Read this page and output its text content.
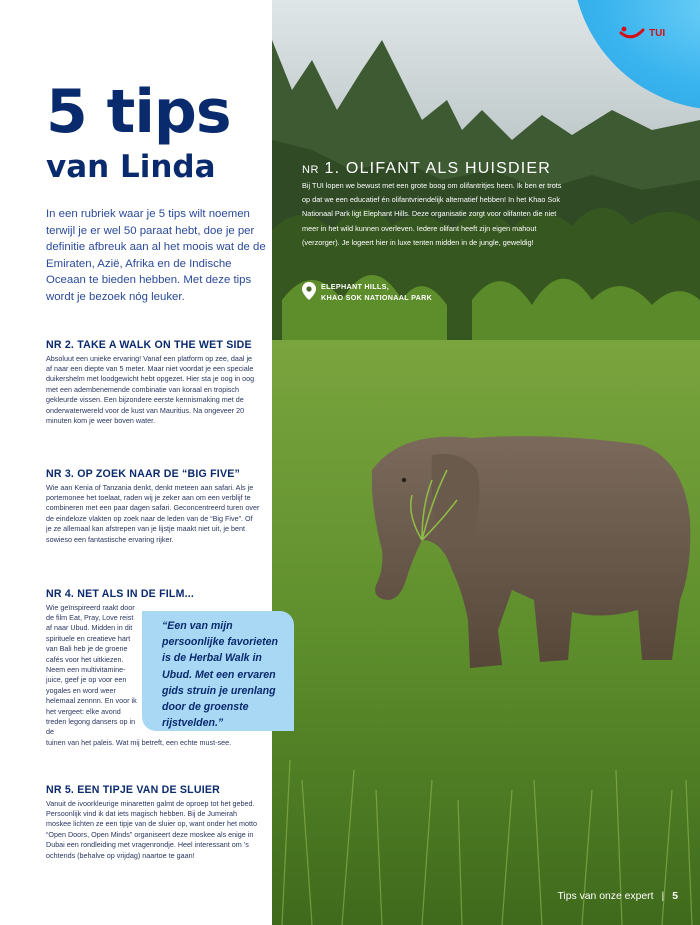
5 tips
van Linda

In een rubriek waar je 5 tips wilt noemen terwijl je er wel 50 paraat hebt, doe je per definitie afbreuk aan al het moois wat de de Emiraten, Azië, Afrika en de Indische Oceaan te bieden hebben. Met deze tips wordt je bezoek nóg leuker.

NR 2. TAKE A WALK ON THE WET SIDE

Absoluut een unieke ervaring! Vanaf een platform op zee, daal je af naar een diepte van 5 meter. Maar niet voordat je een speciale duikershelm met loodgewicht hebt opgezet. Hier sta je oog in oog met een adembenemende combinatie van koraal en tropisch gekleurde vissen. Een bijzondere eerste kennismaking met de onderwaterwereld voor de kust van Mauritius. Na ongeveer 20 minuten kom je weer boven water.

NR 3. OP ZOEK NAAR DE “BIG FIVE”

Wie aan Kenia of Tanzania denkt, denkt meteen aan safari. Als je portemonee het toelaat, raden wij je zeker aan om een verblijf te combineren met een paar dagen safari. Geconcentreerd turen over de eindeloze vlakten op zoek naar de leden van de “Big Five”. Of je ze allemaal kan afstrepen van je lijstje maakt niet uit, je bent sowieso een fantastische ervaring rijker.

NR 4. NET ALS IN DE FILM...

Wie geïnspireerd raakt door de film Eat, Pray, Love reist af naar Ubud. Midden in dit spirituele en creatieve hart van Bali heb je de groene cafés voor het uitkiezen. Neem een multivitamine-juice, geef je op voor een yogales en word weer helemaal zennnn. En voor ik het vergeet: elke avond treden legong dansers op in de

tuinen van het paleis. Wat mij betreft, een echte must-see.

NR 5. EEN TIPJE VAN DE SLUIER

Vanuit de ivoorkleurige minaretten galmt de oproep tot het gebed. Persoonlijk vind ik dat iets magisch hebben. Bij de Jumeirah moskee lichten ze een tipje van de sluier op, want onder het motto “Open Doors, Open Minds” organiseert deze moskee als enige in Dubai een rondleiding met vragenrondje. Heel interessant om ’s ochtends (behalve op vrijdag) naartoe te gaan!

TUI
NR 1. OLIFANT ALS HUISDIER

Bij TUI lopen we bewust met een grote boog om olifantritjes heen. Ik ben er trots op dat we een educatief én olifantvriendelijk alternatief hebben! In het Khao Sok Nationaal Park ligt Elephant Hills. Deze organisatie zorgt voor olifanten die niet meer in het wild kunnen overleven. Iedere olifant heeft zijn eigen mahout (verzorger). Je logeert hier in luxe tenten midden in de jungle, geweldig!

ELEPHANT HILLS,
KHAO SOK NATIONAAL PARK
“Een van mijn persoonlijke favorieten is de Herbal Walk in Ubud. Met een ervaren gids struin je urenlang door de groenste rijstvelden.”
Tips van onze expert | 5
